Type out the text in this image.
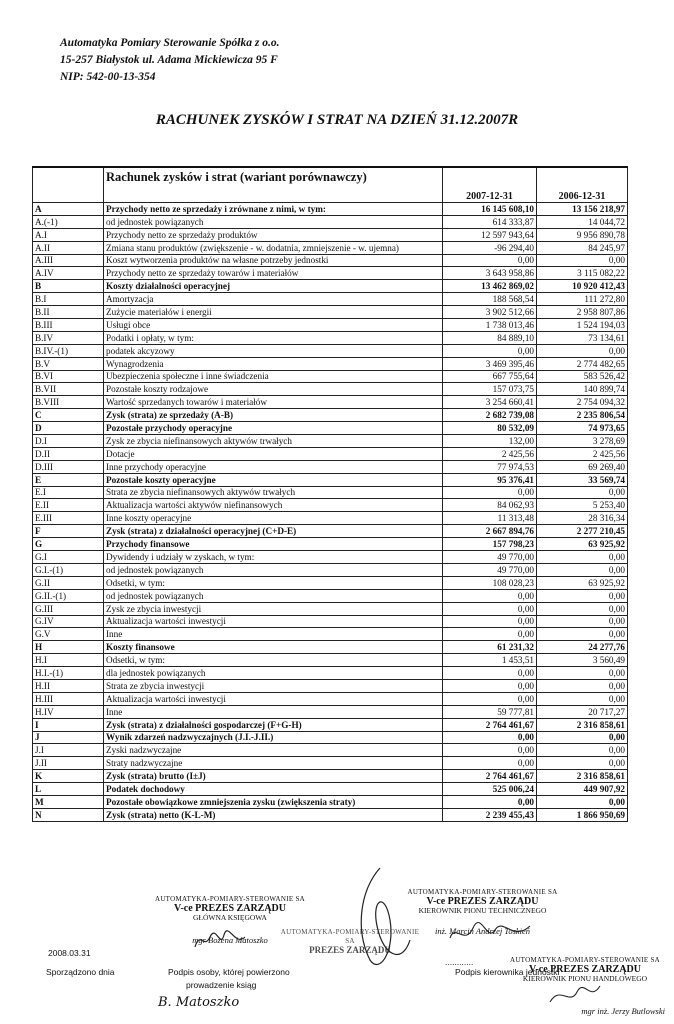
Automatyka Pomiary Sterowanie Spółka z o.o.
15-257 Białystok ul. Adama Mickiewicza 95 F
NIP: 542-00-13-354
RACHUNEK ZYSKÓW I STRAT NA DZIEŃ 31.12.2007R
	Rachunek zysków i strat (wariant porównawczy)	2007-12-31	2006-12-31
A	Przychody netto ze sprzedaży i zrównane z nimi, w tym:	16 145 608,10	13 156 218,97
A.(-1)	od jednostek powiązanych	614 333,87	14 044,72
A.I	Przychody netto ze sprzedaży produktów	12 597 943,64	9 956 890,78
A.II	Zmiana stanu produktów (zwiększenie - w. dodatnia, zmniejszenie - w. ujemna)	-96 294,40	84 245,97
A.III	Koszt wytworzenia produktów na własne potrzeby jednostki	0,00	0,00
A.IV	Przychody netto ze sprzedaży towarów i materiałów	3 643 958,86	3 115 082,22
B	Koszty działalności operacyjnej	13 462 869,02	10 920 412,43
B.I	Amortyzacja	188 568,54	111 272,80
B.II	Zużycie materiałów i energii	3 902 512,66	2 958 807,86
B.III	Usługi obce	1 738 013,46	1 524 194,03
B.IV	Podatki i opłaty, w tym:	84 889,10	73 134,61
B.IV.-(1)	podatek akcyzowy	0,00	0,00
B.V	Wynagrodzenia	3 469 395,46	2 774 482,65
B.VI	Ubezpieczenia społeczne i inne świadczenia	667 755,64	583 526,42
B.VII	Pozostałe koszty rodzajowe	157 073,75	140 899,74
B.VIII	Wartość sprzedanych towarów i materiałów	3 254 660,41	2 754 094,32
C	Zysk (strata) ze sprzedaży (A-B)	2 682 739,08	2 235 806,54
D	Pozostałe przychody operacyjne	80 532,09	74 973,65
D.I	Zysk ze zbycia niefinansowych aktywów trwałych	132,00	3 278,69
D.II	Dotacje	2 425,56	2 425,56
D.III	Inne przychody operacyjne	77 974,53	69 269,40
E	Pozostałe koszty operacyjne	95 376,41	33 569,74
E.I	Strata ze zbycia niefinansowych aktywów trwałych	0,00	0,00
E.II	Aktualizacja wartości aktywów niefinansowych	84 062,93	5 253,40
E.III	Inne koszty operacyjne	11 313,48	28 316,34
F	Zysk (strata) z działalności operacyjnej (C+D-E)	2 667 894,76	2 277 210,45
G	Przychody finansowe	157 798,23	63 925,92
G.I	Dywidendy i udziały w zyskach, w tym:	49 770,00	0,00
G.I.-(1)	od jednostek powiązanych	49 770,00	0,00
G.II	Odsetki, w tym:	108 028,23	63 925,92
G.II.-(1)	od jednostek powiązanych	0,00	0,00
G.III	Zysk ze zbycia inwestycji	0,00	0,00
G.IV	Aktualizacja wartości inwestycji	0,00	0,00
G.V	Inne	0,00	0,00
H	Koszty finansowe	61 231,32	24 277,76
H.I	Odsetki, w tym:	1 453,51	3 560,49
H.I.-(1)	dla jednostek powiązanych	0,00	0,00
H.II	Strata ze zbycia inwestycji	0,00	0,00
H.III	Aktualizacja wartości inwestycji	0,00	0,00
H.IV	Inne	59 777,81	20 717,27
I	Zysk (strata) z działalności gospodarczej (F+G-H)	2 764 461,67	2 316 858,61
J	Wynik zdarzeń nadzwyczajnych (J.I.-J.II.)	0,00	0,00
J.I	Zyski nadzwyczajne	0,00	0,00
J.II	Straty nadzwyczajne	0,00	0,00
K	Zysk (strata) brutto (I±J)	2 764 461,67	2 316 858,61
L	Podatek dochodowy	525 006,24	449 907,92
M	Pozostałe obowiązkowe zmniejszenia zysku (zwiększenia straty)	0,00	0,00
N	Zysk (strata) netto (K-L-M)	2 239 455,43	1 866 950,69
AUTOMATYKA-POMIARY-STEROWANIE SA
V-ce PREZES ZARZĄDU
GŁÓWNA KSIĘGOWA
mgr Bożena Matoszko
AUTOMATYKA-POMIARY-STEROWANIE SA
PREZES ZARZĄDU
AUTOMATYKA-POMIARY-STEROWANIE SA
V-ce PREZES ZARZĄDU
KIEROWNIK PIONU TECHNICZNEGO
inż. Marcin Andrzej Toskień
AUTOMATYKA-POMIARY-STEROWANIE SA
V-ce PREZES ZARZĄDU
KIEROWNIK PIONU HANDLOWEGO
mgr inż. Jerzy Butlowski
2008.03.31
Sporządzono dnia	Podpis osoby, której powierzono
prowadzenie ksiąg
............
Podpis kierownika jednostki
B. Matoszko
